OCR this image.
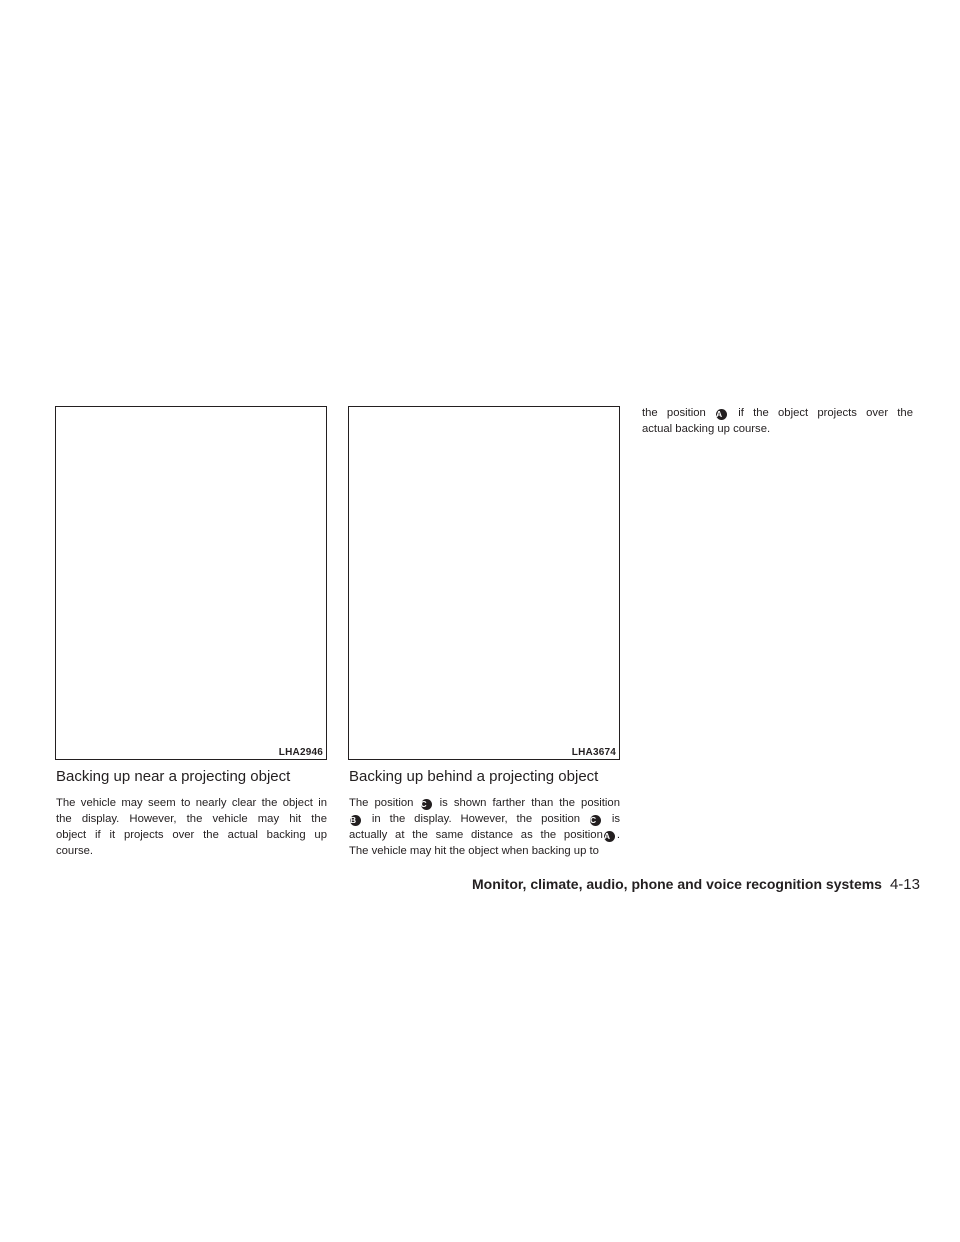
LHA2946	LHA3674
Backing up near a projecting object
The vehicle may seem to nearly clear the object in
the display. However, the vehicle may hit the
object if it projects over the actual backing up
course.
Backing up behind a projecting object
The position C is shown farther than the position
B in the display. However, the position C is
actually at the same distance as the positionA .
The vehicle may hit the object when backing up to
the position A if the object projects over the
actual backing up course.
Monitor, climate, audio, phone and voice recognition systems 4-13
